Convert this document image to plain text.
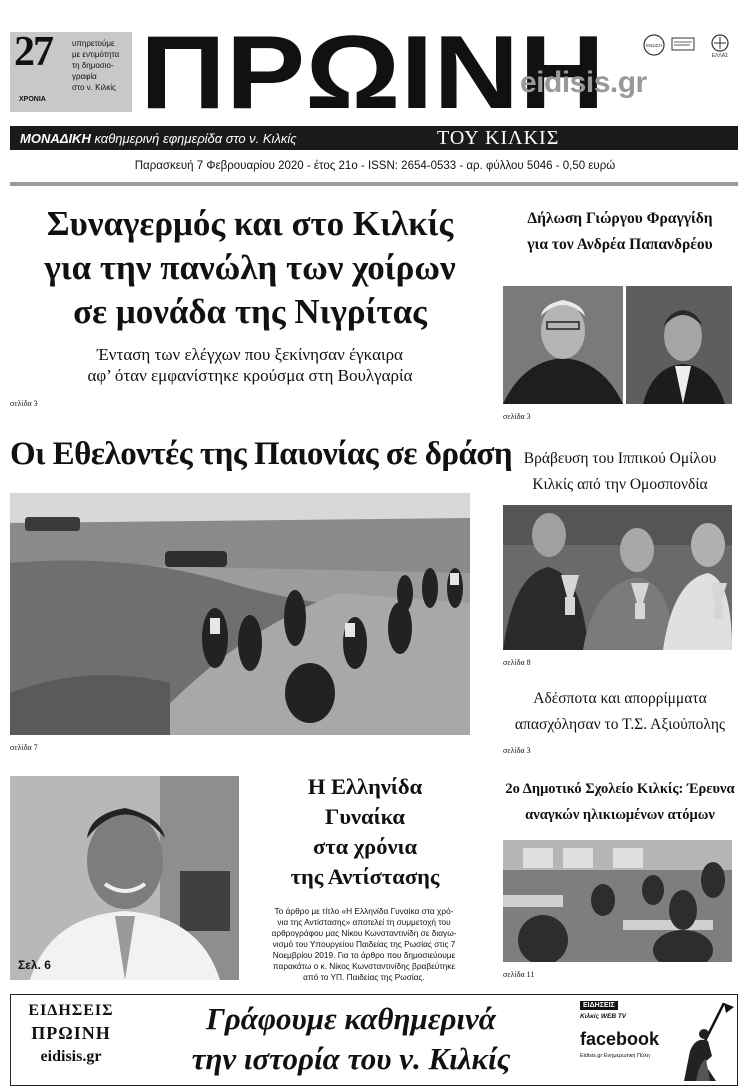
27
ΧΡΟΝΙΑ
υπηρετούμε
με εντιμότητα
τη δημοσιο-
γραφία
στο ν. Κιλκίς ΠΡΩΙΝΗ
eidisis.gr
ΕΝΩΣΗ
ΕΛΛΑΣ
ΜΟΝΑΔΙΚΗ καθημερινή εφημερίδα στο ν. Κιλκίς	ΤΟΥ ΚΙΛΚΙΣ
Παρασκευή 7 Φεβρουαρίου 2020 - έτος 21ο - ISSN: 2654-0533 - αρ. φύλλου 5046 - 0,50 ευρώ
Συναγερμός και στο Κιλκίς
για την πανώλη των χοίρων
σε μονάδα της Νιγρίτας
Ένταση των ελέγχων που ξεκίνησαν έγκαιρα
αφ’ όταν εμφανίστηκε κρούσμα στη Βουλγαρία
σελίδα 3
Οι Εθελοντές της Παιονίας σε δράση
σελίδα 7
Σελ. 6
Η Ελληνίδα
Γυναίκα
στα χρόνια
της Αντίστασης
Το άρθρο με τίτλο «Η Ελληνίδα Γυναίκα στα χρό-
νια της Αντίστασης» αποτελεί τη συμμετοχή του
αρθρογράφου μας Νίκου Κωνσταντινίδη σε διαγω-
νισμό του Υπουργείου Παιδείας της Ρωσίας στις 7
Νοεμβρίου 2019. Για το άρθρο που δημοσιεύουμε
παρακάτω ο κ. Νίκος Κωνσταντινίδης βραβεύτηκε
από το ΥΠ. Παιδείας της Ρωσίας.
Δήλωση Γιώργου Φραγγίδη
για τον Ανδρέα Παπανδρέου
σελίδα 3
Βράβευση του Ιππικού Ομίλου
Κιλκίς από την Ομοσπονδία
σελίδα 8
Αδέσποτα και απορρίμματα
απασχόλησαν το Τ.Σ. Αξιούπολης
σελίδα 3
2ο Δημοτικό Σχολείο Κιλκίς: Έρευνα
αναγκών ηλικιωμένων ατόμων
σελίδα 11
ΕΙΔΗΣΕΙΣ
ΠΡΩΙΝΗ
eidisis.gr
Γράφουμε καθημερινά
την ιστορία του ν. Κιλκίς
ΕΙΔΗΣΕΙΣ
Κιλκίς WEB TV
facebook
Eidisis.gr Ενημερωτική Πύλη
